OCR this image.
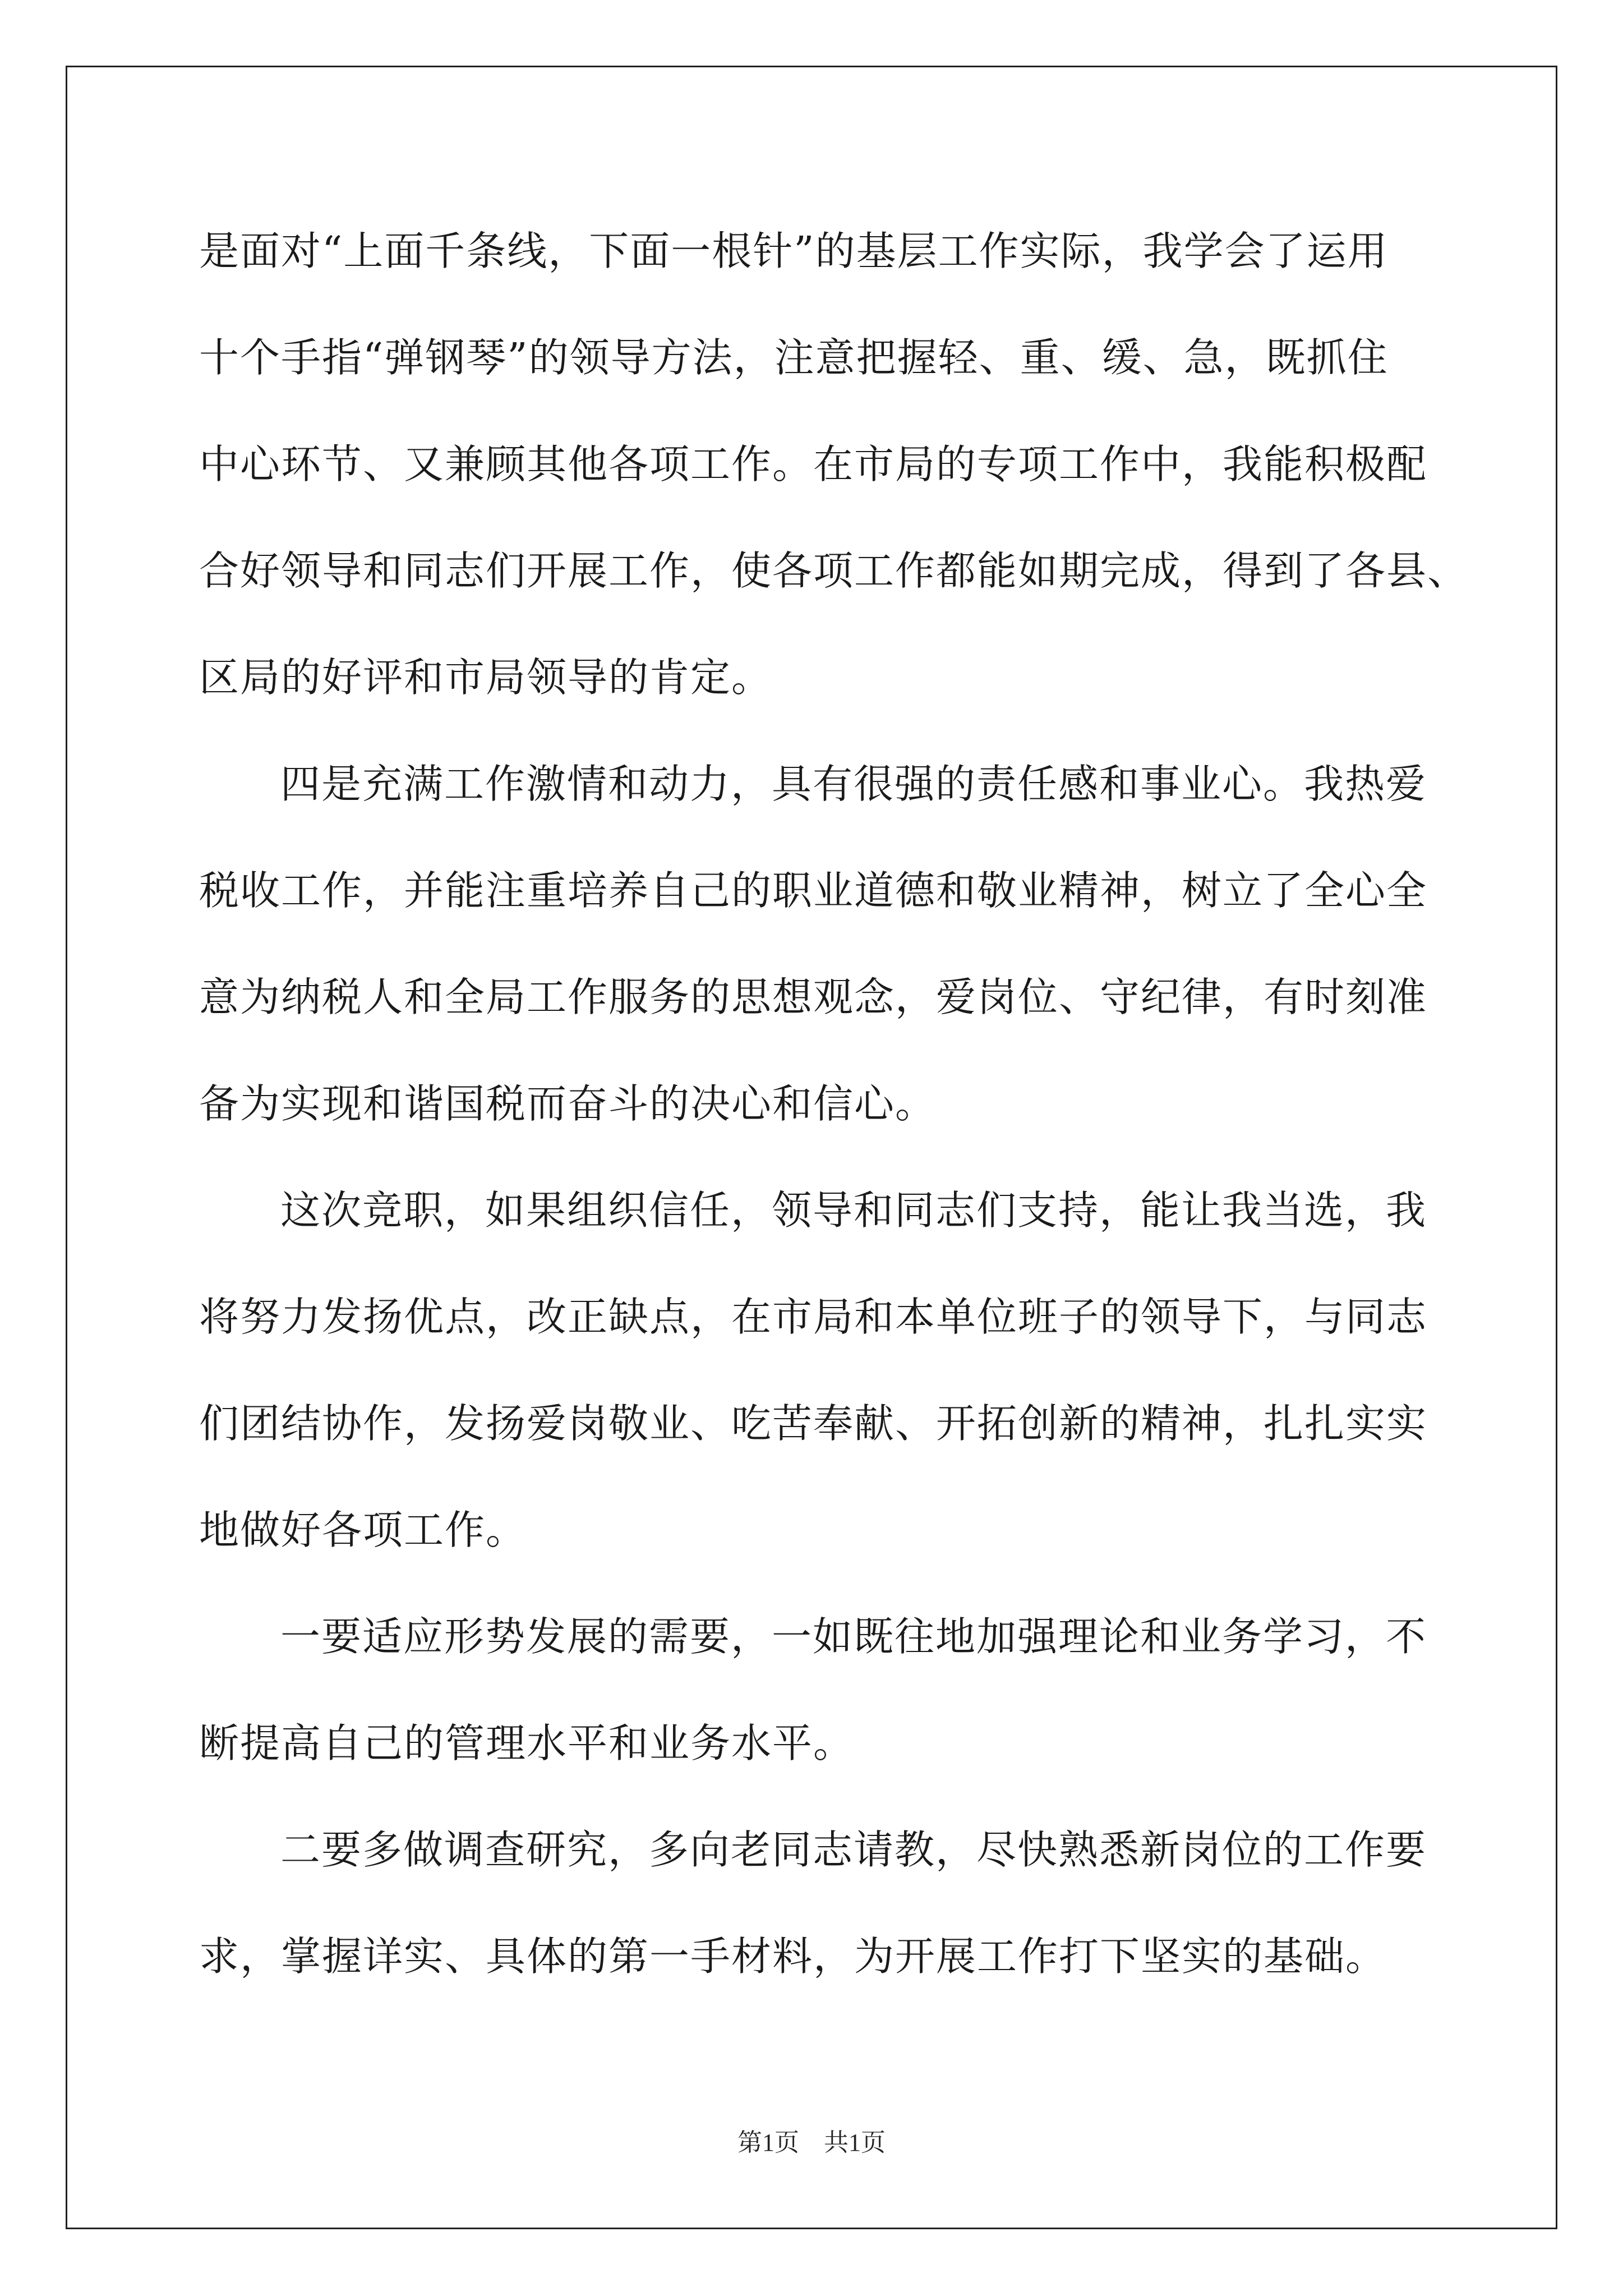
是面对“上面千条线，下面一根针”的基层工作实际，我学会了运用
十个手指“弹钢琴”的领导方法，注意把握轻、重、缓、急，既抓住
中心环节、又兼顾其他各项工作。在市局的专项工作中，我能积极配
合好领导和同志们开展工作，使各项工作都能如期完成，得到了各县、
区局的好评和市局领导的肯定。
四是充满工作激情和动力，具有很强的责任感和事业心。我热爱
税收工作，并能注重培养自己的职业道德和敬业精神，树立了全心全
意为纳税人和全局工作服务的思想观念，爱岗位、守纪律，有时刻准
备为实现和谐国税而奋斗的决心和信心。
这次竞职，如果组织信任，领导和同志们支持，能让我当选，我
将努力发扬优点，改正缺点，在市局和本单位班子的领导下，与同志
们团结协作，发扬爱岗敬业、吃苦奉献、开拓创新的精神，扎扎实实
地做好各项工作。
一要适应形势发展的需要，一如既往地加强理论和业务学习，不
断提高自己的管理水平和业务水平。
二要多做调查研究，多向老同志请教，尽快熟悉新岗位的工作要
求，掌握详实、具体的第一手材料，为开展工作打下坚实的基础。
第1页　共1页
